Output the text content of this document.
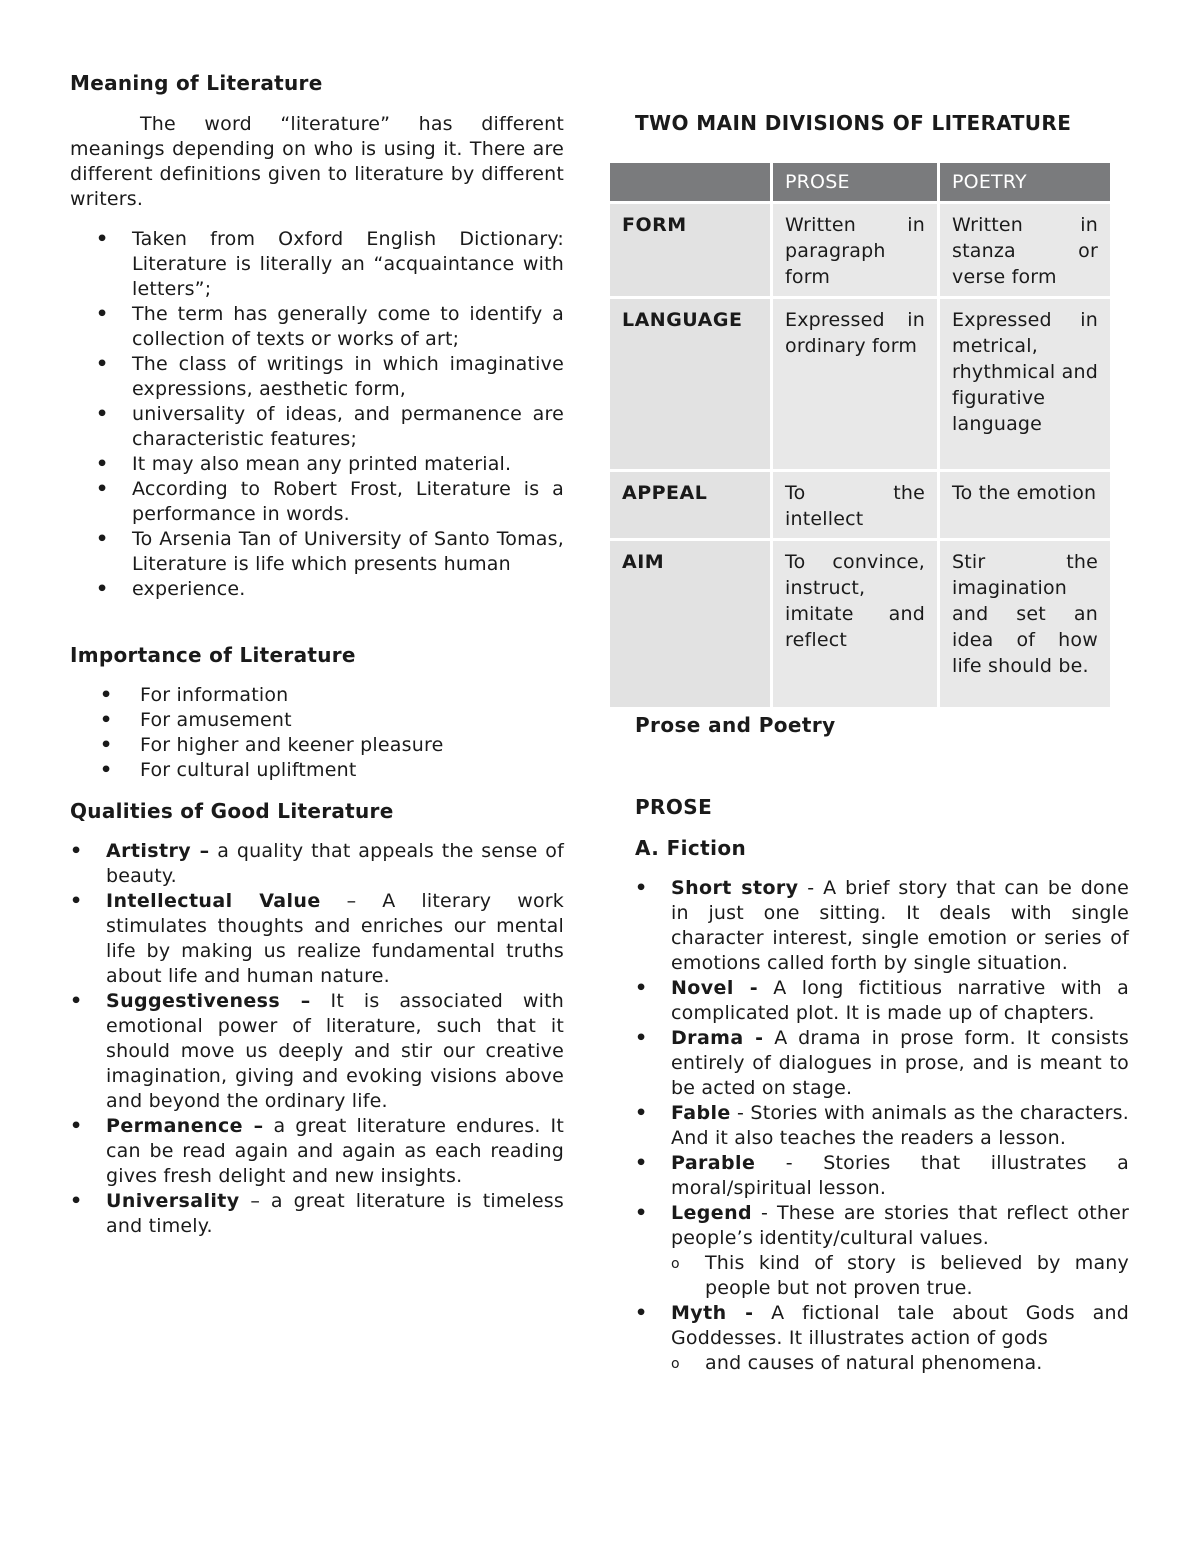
Meaning of Literature

The word “literature” has different meanings depending on who is using it. There are different definitions given to literature by different writers.

• Taken from Oxford English Dictionary: Literature is literally an “acquaintance with letters”;
• The term has generally come to identify a collection of texts or works of art;
• The class of writings in which imaginative expressions, aesthetic form,
• universality of ideas, and permanence are characteristic features;
• It may also mean any printed material.
• According to Robert Frost, Literature is a performance in words.
• To Arsenia Tan of University of Santo Tomas, Literature is life which presents human
• experience.
Importance of Literature
• For information
• For amusement
• For higher and keener pleasure
• For cultural upliftment
Qualities of Good Literature
• Artistry – a quality that appeals the sense of beauty.
• Intellectual Value – A literary work stimulates thoughts and enriches our mental life by making us realize fundamental truths about life and human nature.
• Suggestiveness – It is associated with emotional power of literature, such that it should move us deeply and stir our creative imagination, giving and evoking visions above and beyond the ordinary life.
• Permanence – a great literature endures. It can be read again and again as each reading gives fresh delight and new insights.
• Universality – a great literature is timeless and timely.
TWO MAIN DIVISIONS OF LITERATURE
	PROSE	POETRY
FORM	Written in paragraph form	Written in stanza or verse form
LANGUAGE	Expressed in ordinary form	Expressed in metrical, rhythmical and figurative language
APPEAL	To the intellect	To the emotion
AIM	To convince, instruct, imitate and reflect	Stir the imagination and set an idea of how life should be.
Prose and Poetry
PROSE
A. Fiction
• Short story - A brief story that can be done in just one sitting. It deals with single character interest, single emotion or series of emotions called forth by single situation.
• Novel - A long fictitious narrative with a complicated plot. It is made up of chapters.
• Drama - A drama in prose form. It consists entirely of dialogues in prose, and is meant to be acted on stage.
• Fable - Stories with animals as the characters. And it also teaches the readers a lesson.
• Parable - Stories that illustrates a moral/spiritual lesson.
• Legend - These are stories that reflect other people’s identity/cultural values.
o This kind of story is believed by many people but not proven true.
• Myth - A fictional tale about Gods and Goddesses. It illustrates action of gods
o and causes of natural phenomena.
